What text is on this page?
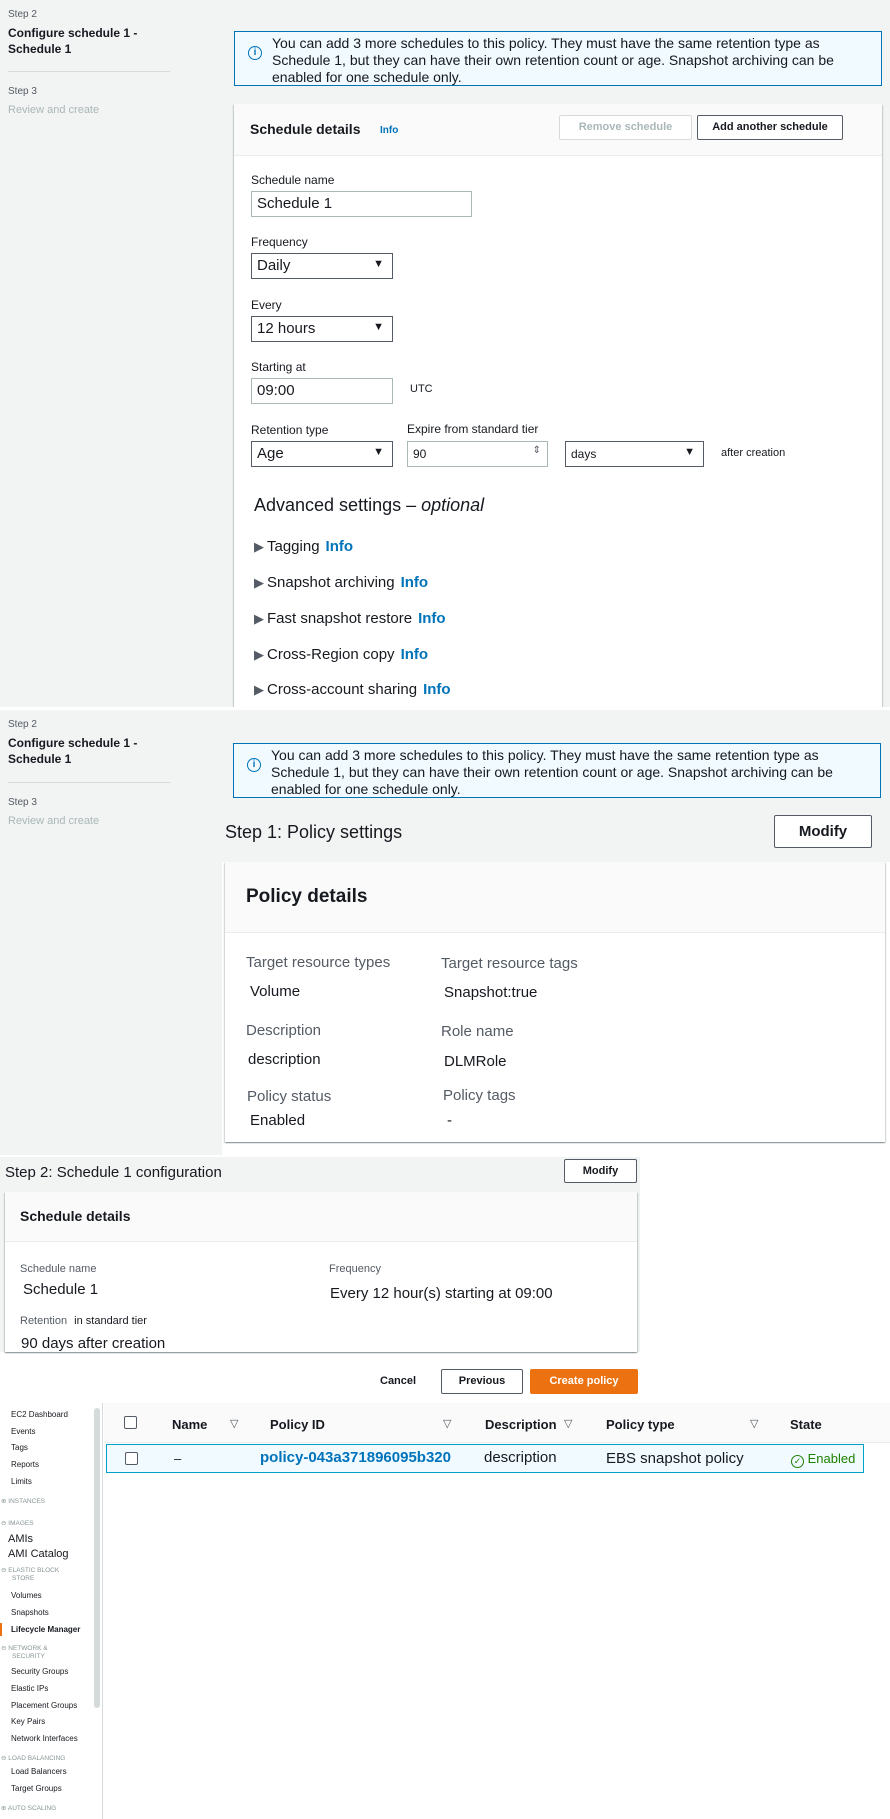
Step 2
Configure schedule 1 - Schedule 1
Step 3
Review and create
i
You can add 3 more schedules to this policy. They must have the same retention type as Schedule 1, but they can have their own retention count or age. Snapshot archiving can be enabled for one schedule only.
Schedule details Info	Remove schedule	Add another schedule
Schedule name
Schedule 1
Frequency
Daily	▼
Every
12 hours	▼
Starting at
09:00	UTC
Retention type
Age	▼
Expire from standard tier
90	⇕	days	▼ after creation
Advanced settings – optional
▶ Tagging Info
▶ Snapshot archiving Info
▶ Fast snapshot restore Info
▶ Cross-Region copy Info
▶ Cross-account sharing Info
Step 2
Configure schedule 1 - Schedule 1
Step 3
Review and create
i
You can add 3 more schedules to this policy. They must have the same retention type as Schedule 1, but they can have their own retention count or age. Snapshot archiving can be enabled for one schedule only.
Step 1: Policy settings	Modify
Policy details
Target resource types
Volume
Target resource tags
Snapshot:true
Description
description
Role name
DLMRole
Policy status
Enabled
Policy tags
-
Step 2: Schedule 1 configuration	Modify
Schedule details
Schedule name
Schedule 1
Frequency
Every 12 hour(s) starting at 09:00
Retention in standard tier
90 days after creation
Cancel	Previous	Create policy
EC2 Dashboard
Events
Tags
Reports
Limits
⊕ INSTANCES
⊖ IMAGES
AMIs
AMI Catalog
⊖ ELASTIC BLOCK
STORE
Volumes
Snapshots
Lifecycle Manager
⊖ NETWORK &
SECURITY
Security Groups
Elastic IPs
Placement Groups
Key Pairs
Network Interfaces
⊖ LOAD BALANCING
Load Balancers
Target Groups
⊕ AUTO SCALING
Name ▽ Policy ID	▽	Description ▽	Policy type	▽ State
–	policy-043a371896095b320 description	EBS snapshot policy	✓ Enabled
